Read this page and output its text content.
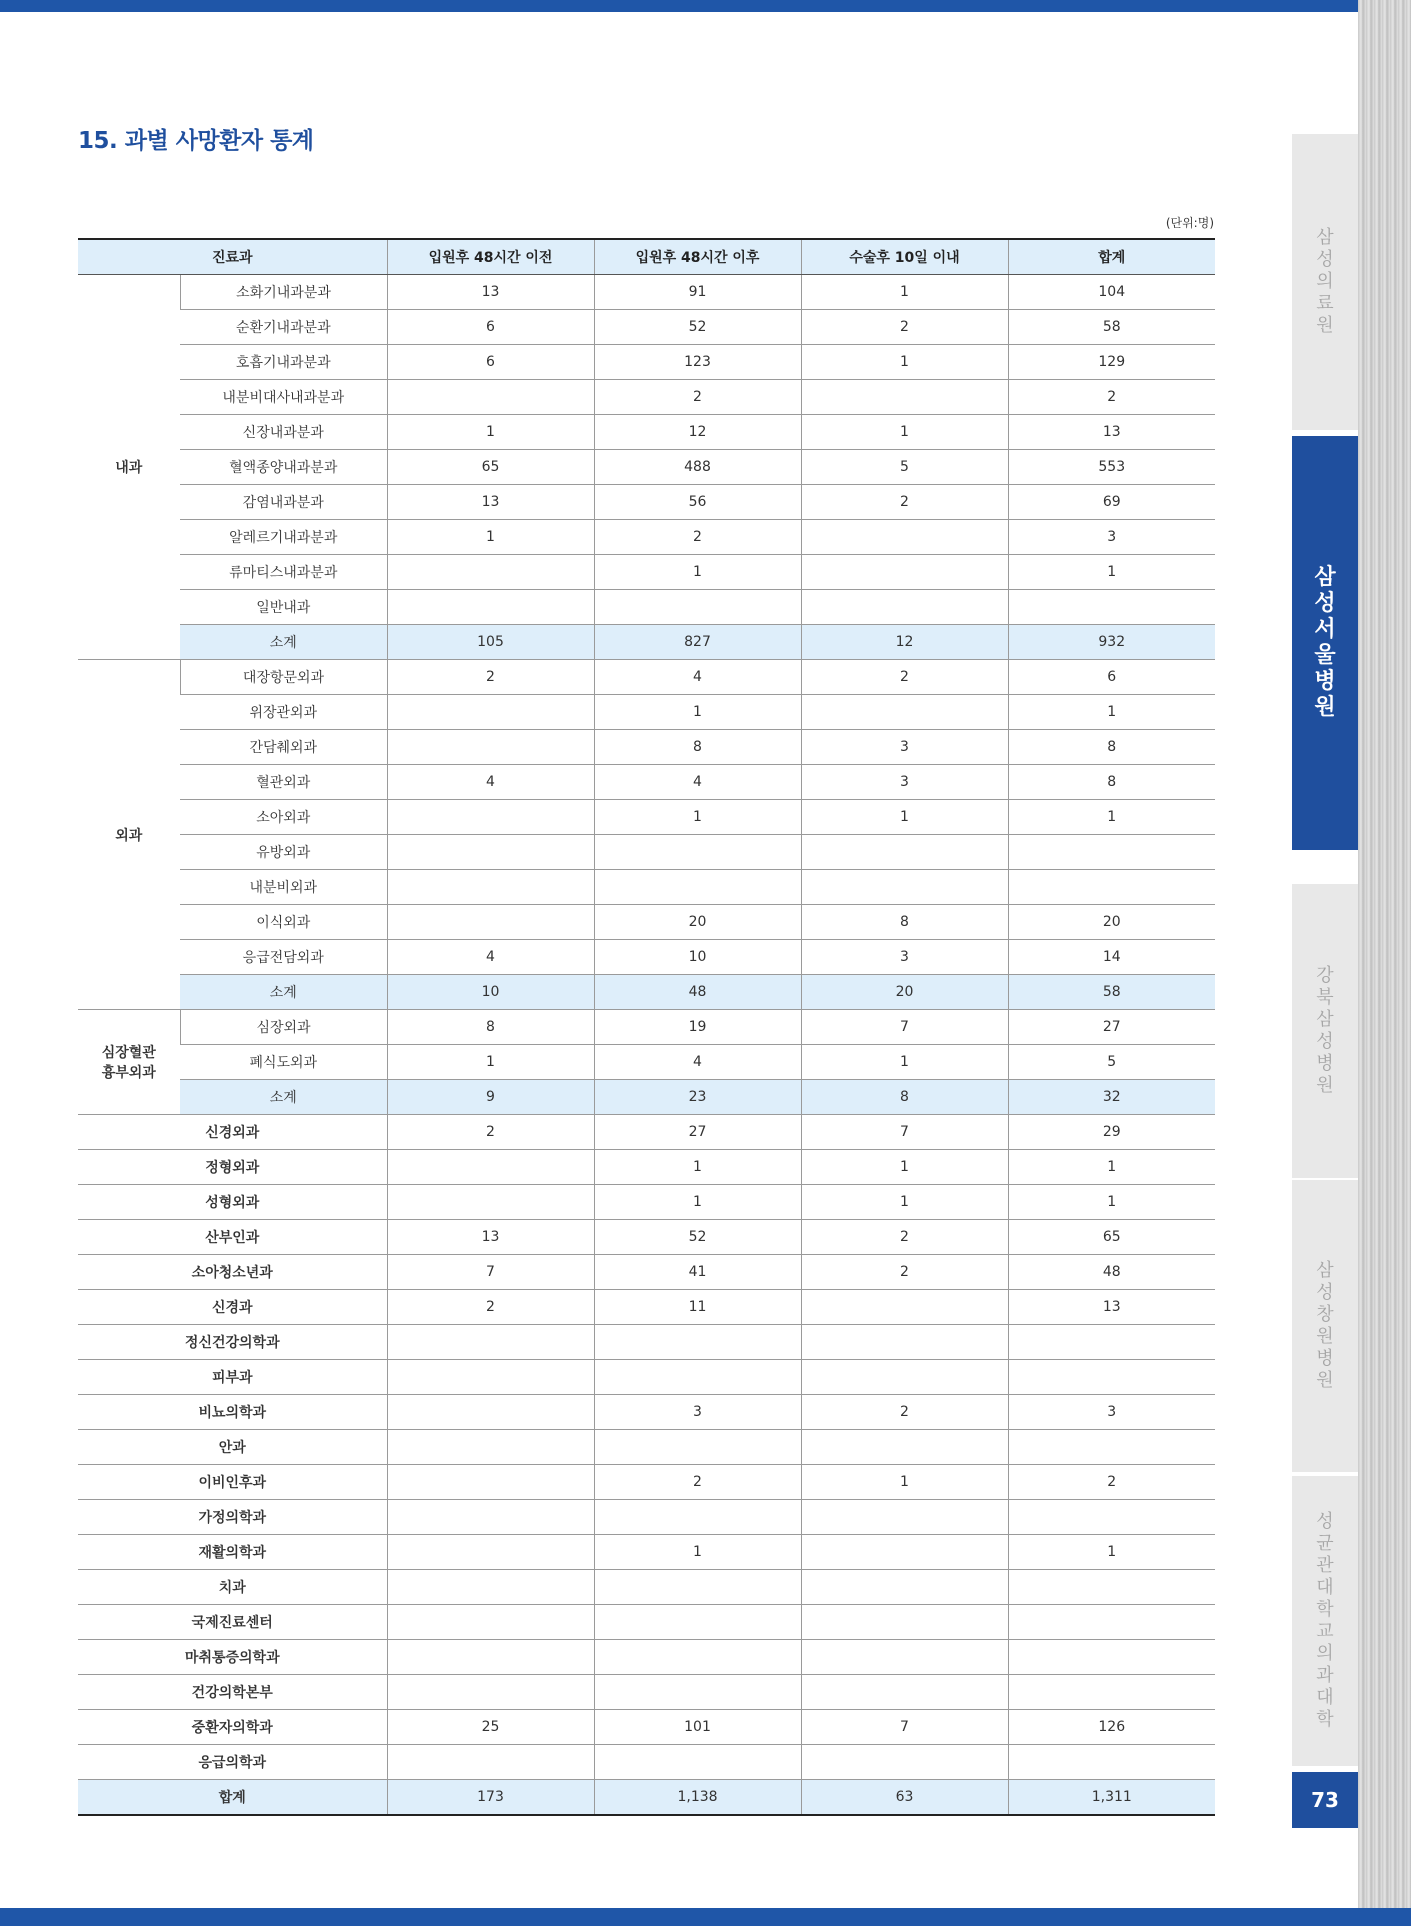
15. 과별 사망환자 통계
(단위:명)
진료과		입원후 48시간 이전	입원후 48시간 이후	수술후 10일 이내	합계
내과	소화기내과분과	13	91	1	104
	순환기내과분과	6	52	2	58
	호흡기내과분과	6	123	1	129
	내분비대사내과분과		2		2
	신장내과분과	1	12	1	13
	혈액종양내과분과	65	488	5	553
	감염내과분과	13	56	2	69
	알레르기내과분과	1	2		3
	류마티스내과분과		1		1
	일반내과				
	소계	105	827	12	932
외과	대장항문외과	2	4	2	6
	위장관외과		1		1
	간담췌외과		8	3	8
	혈관외과	4	4	3	8
	소아외과		1	1	1
	유방외과				
	내분비외과				
	이식외과		20	8	20
	응급전담외과	4	10	3	14
	소계	10	48	20	58
심장혈관
흉부외과	심장외과	8	19	7	27
	폐식도외과	1	4	1	5
	소계	9	23	8	32
신경외과		2	27	7	29
정형외과			1	1	1
성형외과			1	1	1
산부인과		13	52	2	65
소아청소년과		7	41	2	48
신경과		2	11		13
정신건강의학과					
피부과					
비뇨의학과			3	2	3
안과					
이비인후과			2	1	2
가정의학과					
재활의학과			1		1
치과					
국제진료센터					
마취통증의학과					
건강의학본부					
중환자의학과		25	101	7	126
응급의학과					
합계		173	1,138	63	1,311
삼
성
의
료
원
삼
성
서
울
병
원
강
북
삼
성
병
원
삼
성
창
원
병
원
성
균
관
대
학
교
의
과
대
학
73
